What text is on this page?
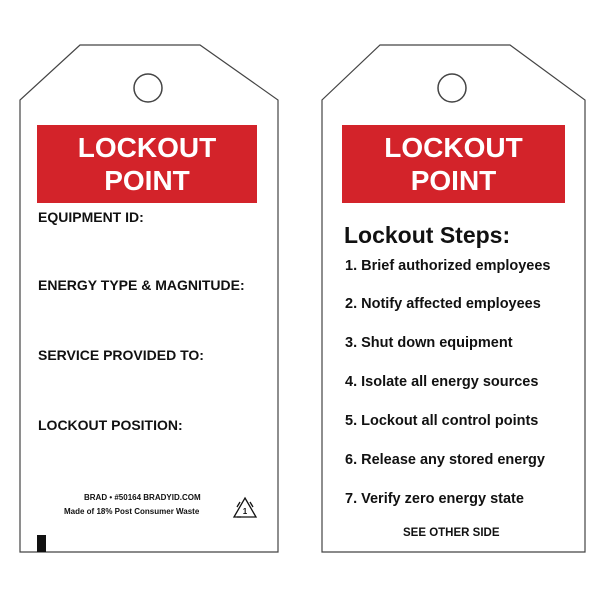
LOCKOUT
POINT
EQUIPMENT ID:
ENERGY TYPE & MAGNITUDE:
SERVICE PROVIDED TO:
LOCKOUT POSITION:
BRAD • #50164 BRADYID.COM
Made of 18% Post Consumer Waste	1
LOCKOUT
POINT
Lockout Steps:
1. Brief authorized employees
2. Notify affected employees
3. Shut down equipment
4. Isolate all energy sources
5. Lockout all control points
6. Release any stored energy
7. Verify zero energy state
SEE OTHER SIDE
